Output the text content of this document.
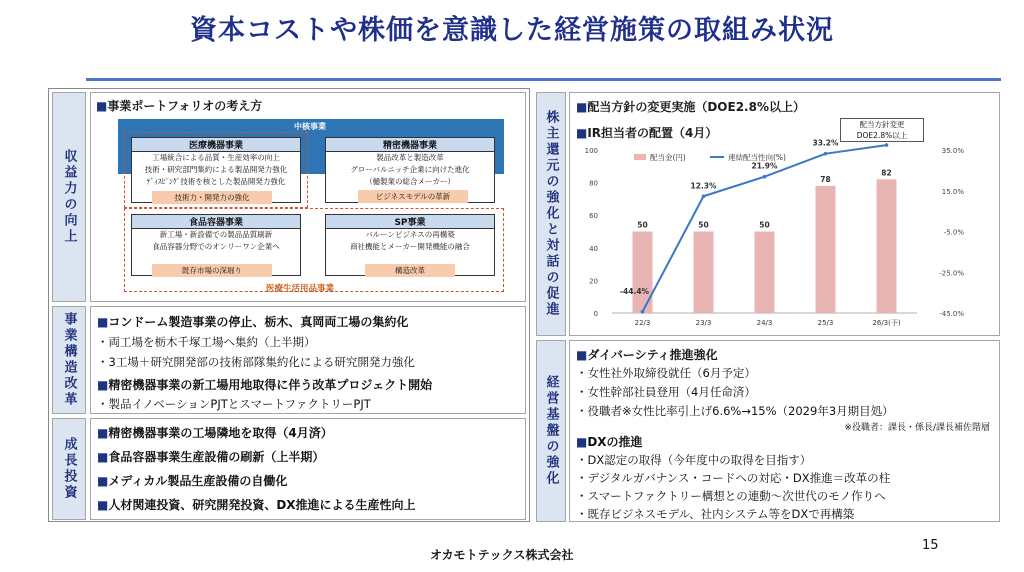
資本コストや株価を意識した経営施策の取組み状況
収益力の向上
■事業ポートフォリオの考え方
中核事業
医療機器事業
工場統合による品質・生産効率の向上
技術・研究部門集約による製品開発力強化
ﾃﾞｨｽﾋﾟﾝｸﾞ技術を核とした製品開発力強化
技術力・開発力の強化
精密機器事業
製品改革と製造改革
グローバルニッチ企業に向けた進化
（樋製業の総合メーカー）
ビジネスモデルの革新
食品容器事業
新工場・新設備での製品品質刷新
食品容器分野でのオンリーワン企業へ
既存市場の深堀り
SP事業
バルーンビジネスの再構築
商社機能とメーカー開発機能の融合
構造改革
医療生活用品事業
事業構造改革 ■コンドーム製造事業の停止、栃木、真岡両工場の集約化
・両工場を栃木千塚工場へ集約（上半期）
・3工場＋研究開発部の技術部隊集約化による研究開発力強化
■精密機器事業の新工場用地取得に伴う改革プロジェクト開始
・製品イノベーションPJTとスマートファクトリーPJT
成長投資
■精密機器事業の工場隣地を取得（4月済）
■食品容器事業生産設備の刷新（上半期）
■メディカル製品生産設備の自働化
■人材関連投資、研究開発投資、DX推進による生産性向上
株主還元の強化と対話の促進
■配当方針の変更実施（DOE2.8%以上）
■IR担当者の配置（4月）
0
20
40
60
80
100	35.0%
15.0%
-5.0%
-25.0%
-45.0%
50	50	50
78
82
22/3	23/3	24/3	25/3	26/3(予)
-44.4%
12.3%
21.9%
33.2%
配当金(円)	連結配当性向(%)
配当方針変更
DOE2.8%以上
経営基盤の強化
■ダイバーシティ推進強化
・女性社外取締役就任（6月予定）
・女性幹部社員登用（4月任命済）
・役職者※女性比率引上げ6.6%→15%（2029年3月期目処）
※役職者：課長・係長/課長補佐階層
■DXの推進
・DX認定の取得（今年度中の取得を目指す）
・デジタルガバナンス・コードへの対応・DX推進＝改革の柱
・スマートファクトリー構想との連動～次世代のモノ作りへ
・既存ビジネスモデル、社内システム等をDXで再構築
オカモトテックス株式会社
15
